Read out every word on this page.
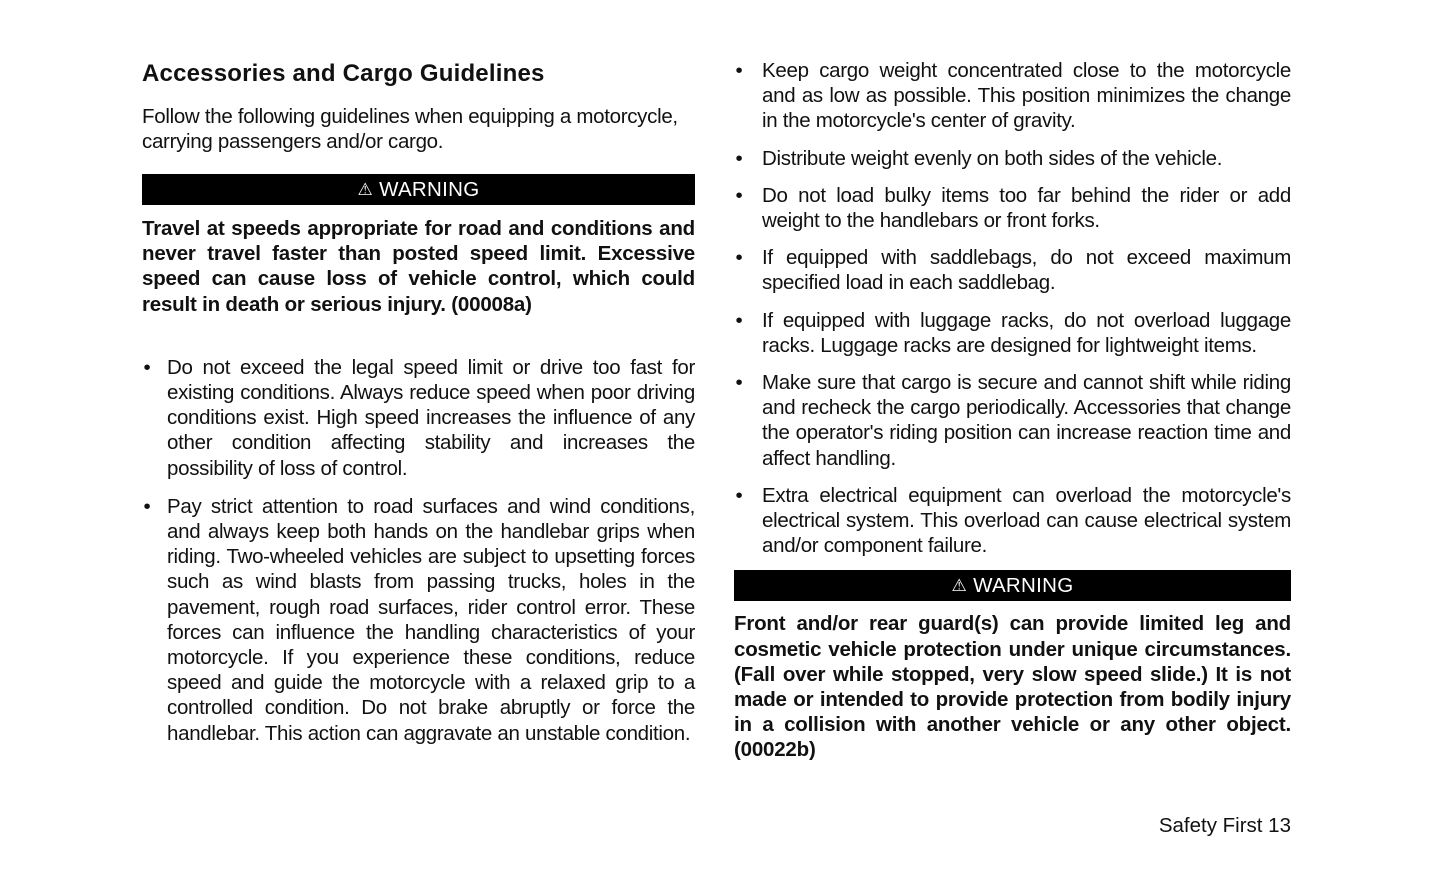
Accessories and Cargo Guidelines

Follow the following guidelines when equipping a motorcycle, carrying passengers and/or cargo.

⚠ WARNING

Travel at speeds appropriate for road and conditions and never travel faster than posted speed limit. Excessive speed can cause loss of vehicle control, which could result in death or serious injury. (00008a)

• Do not exceed the legal speed limit or drive too fast for existing conditions. Always reduce speed when poor driving conditions exist. High speed increases the influence of any other condition affecting stability and increases the possibility of loss of control.
• Pay strict attention to road surfaces and wind conditions, and always keep both hands on the handlebar grips when riding. Two-wheeled vehicles are subject to upsetting forces such as wind blasts from passing trucks, holes in the pavement, rough road surfaces, rider control error. These forces can influence the handling characteristics of your motorcycle. If you experience these conditions, reduce speed and guide the motorcycle with a relaxed grip to a controlled condition. Do not brake abruptly or force the handlebar. This action can aggravate an unstable condition.
• Keep cargo weight concentrated close to the motorcycle and as low as possible. This position minimizes the change in the motorcycle's center of gravity.
• Distribute weight evenly on both sides of the vehicle.
• Do not load bulky items too far behind the rider or add weight to the handlebars or front forks.
• If equipped with saddlebags, do not exceed maximum specified load in each saddlebag.
• If equipped with luggage racks, do not overload luggage racks. Luggage racks are designed for lightweight items.
• Make sure that cargo is secure and cannot shift while riding and recheck the cargo periodically. Accessories that change the operator's riding position can increase reaction time and affect handling.
• Extra electrical equipment can overload the motorcycle's electrical system. This overload can cause electrical system and/or component failure.
⚠ WARNING

Front and/or rear guard(s) can provide limited leg and cosmetic vehicle protection under unique circumstances. (Fall over while stopped, very slow speed slide.) It is not made or intended to provide protection from bodily injury in a collision with another vehicle or any other object. (00022b)

Safety First 13
